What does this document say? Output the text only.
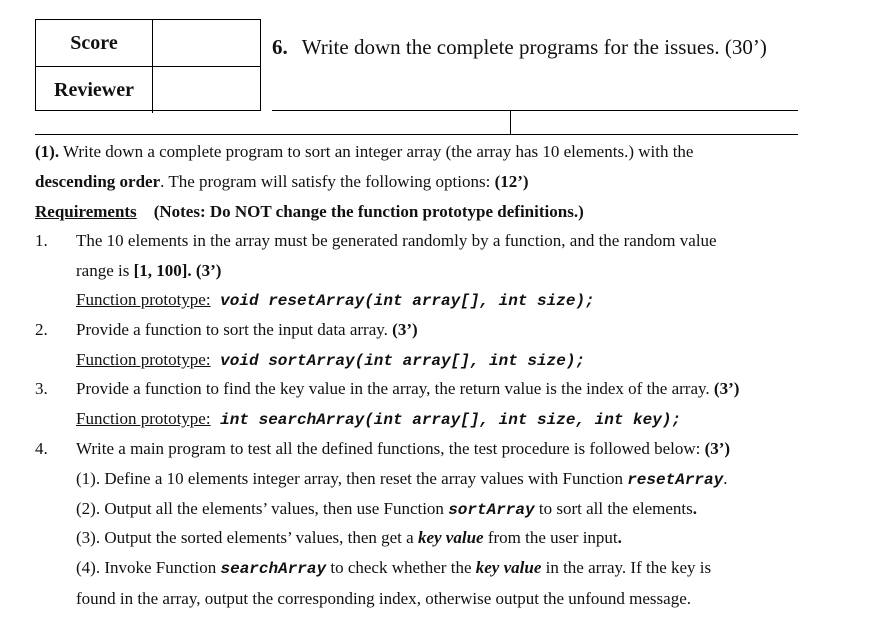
Score
Reviewer
6. Write down the complete programs for the issues. (30’)
(1). Write down a complete program to sort an integer array (the array has 10 elements.) with the
descending order. The program will satisfy the following options: (12’)
Requirements (Notes: Do NOT change the function prototype definitions.)
1. The 10 elements in the array must be generated randomly by a function, and the random value
range is [1, 100]. (3’)
Function prototype: void resetArray(int array[], int size);
2. Provide a function to sort the input data array. (3’)
Function prototype: void sortArray(int array[], int size);
3. Provide a function to find the key value in the array, the return value is the index of the array. (3’)
Function prototype: int searchArray(int array[], int size, int key);
4. Write a main program to test all the defined functions, the test procedure is followed below: (3’)
(1). Define a 10 elements integer array, then reset the array values with Function resetArray.
(2). Output all the elements’ values, then use Function sortArray to sort all the elements.
(3). Output the sorted elements’ values, then get a key value from the user input.
(4). Invoke Function searchArray to check whether the key value in the array. If the key is
found in the array, output the corresponding index, otherwise output the unfound message.
